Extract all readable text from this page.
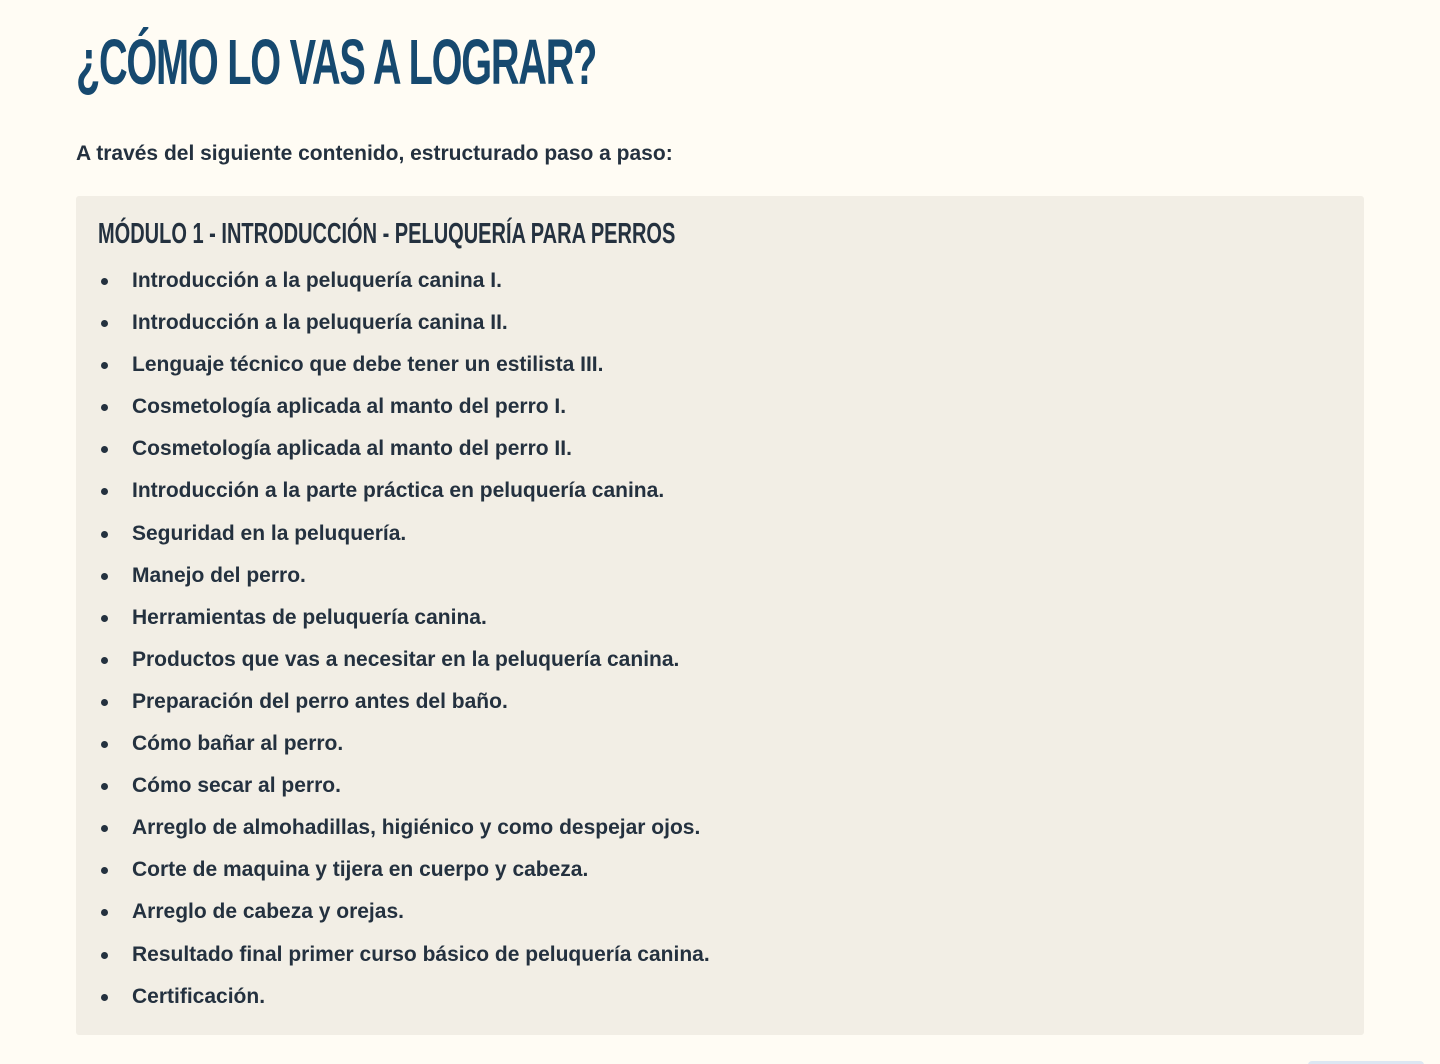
¿CÓMO LO VAS A LOGRAR?

A través del siguiente contenido, estructurado paso a paso:

MÓDULO 1 - INTRODUCCIÓN - PELUQUERÍA PARA PERROS
Introducción a la peluquería canina I.
Introducción a la peluquería canina II.
Lenguaje técnico que debe tener un estilista III.
Cosmetología aplicada al manto del perro I.
Cosmetología aplicada al manto del perro II.
Introducción a la parte práctica en peluquería canina.
Seguridad en la peluquería.
Manejo del perro.
Herramientas de peluquería canina.
Productos que vas a necesitar en la peluquería canina.
Preparación del perro antes del baño.
Cómo bañar al perro.
Cómo secar al perro.
Arreglo de almohadillas, higiénico y como despejar ojos.
Corte de maquina y tijera en cuerpo y cabeza.
Arreglo de cabeza y orejas.
Resultado final primer curso básico de peluquería canina.
Certificación.
